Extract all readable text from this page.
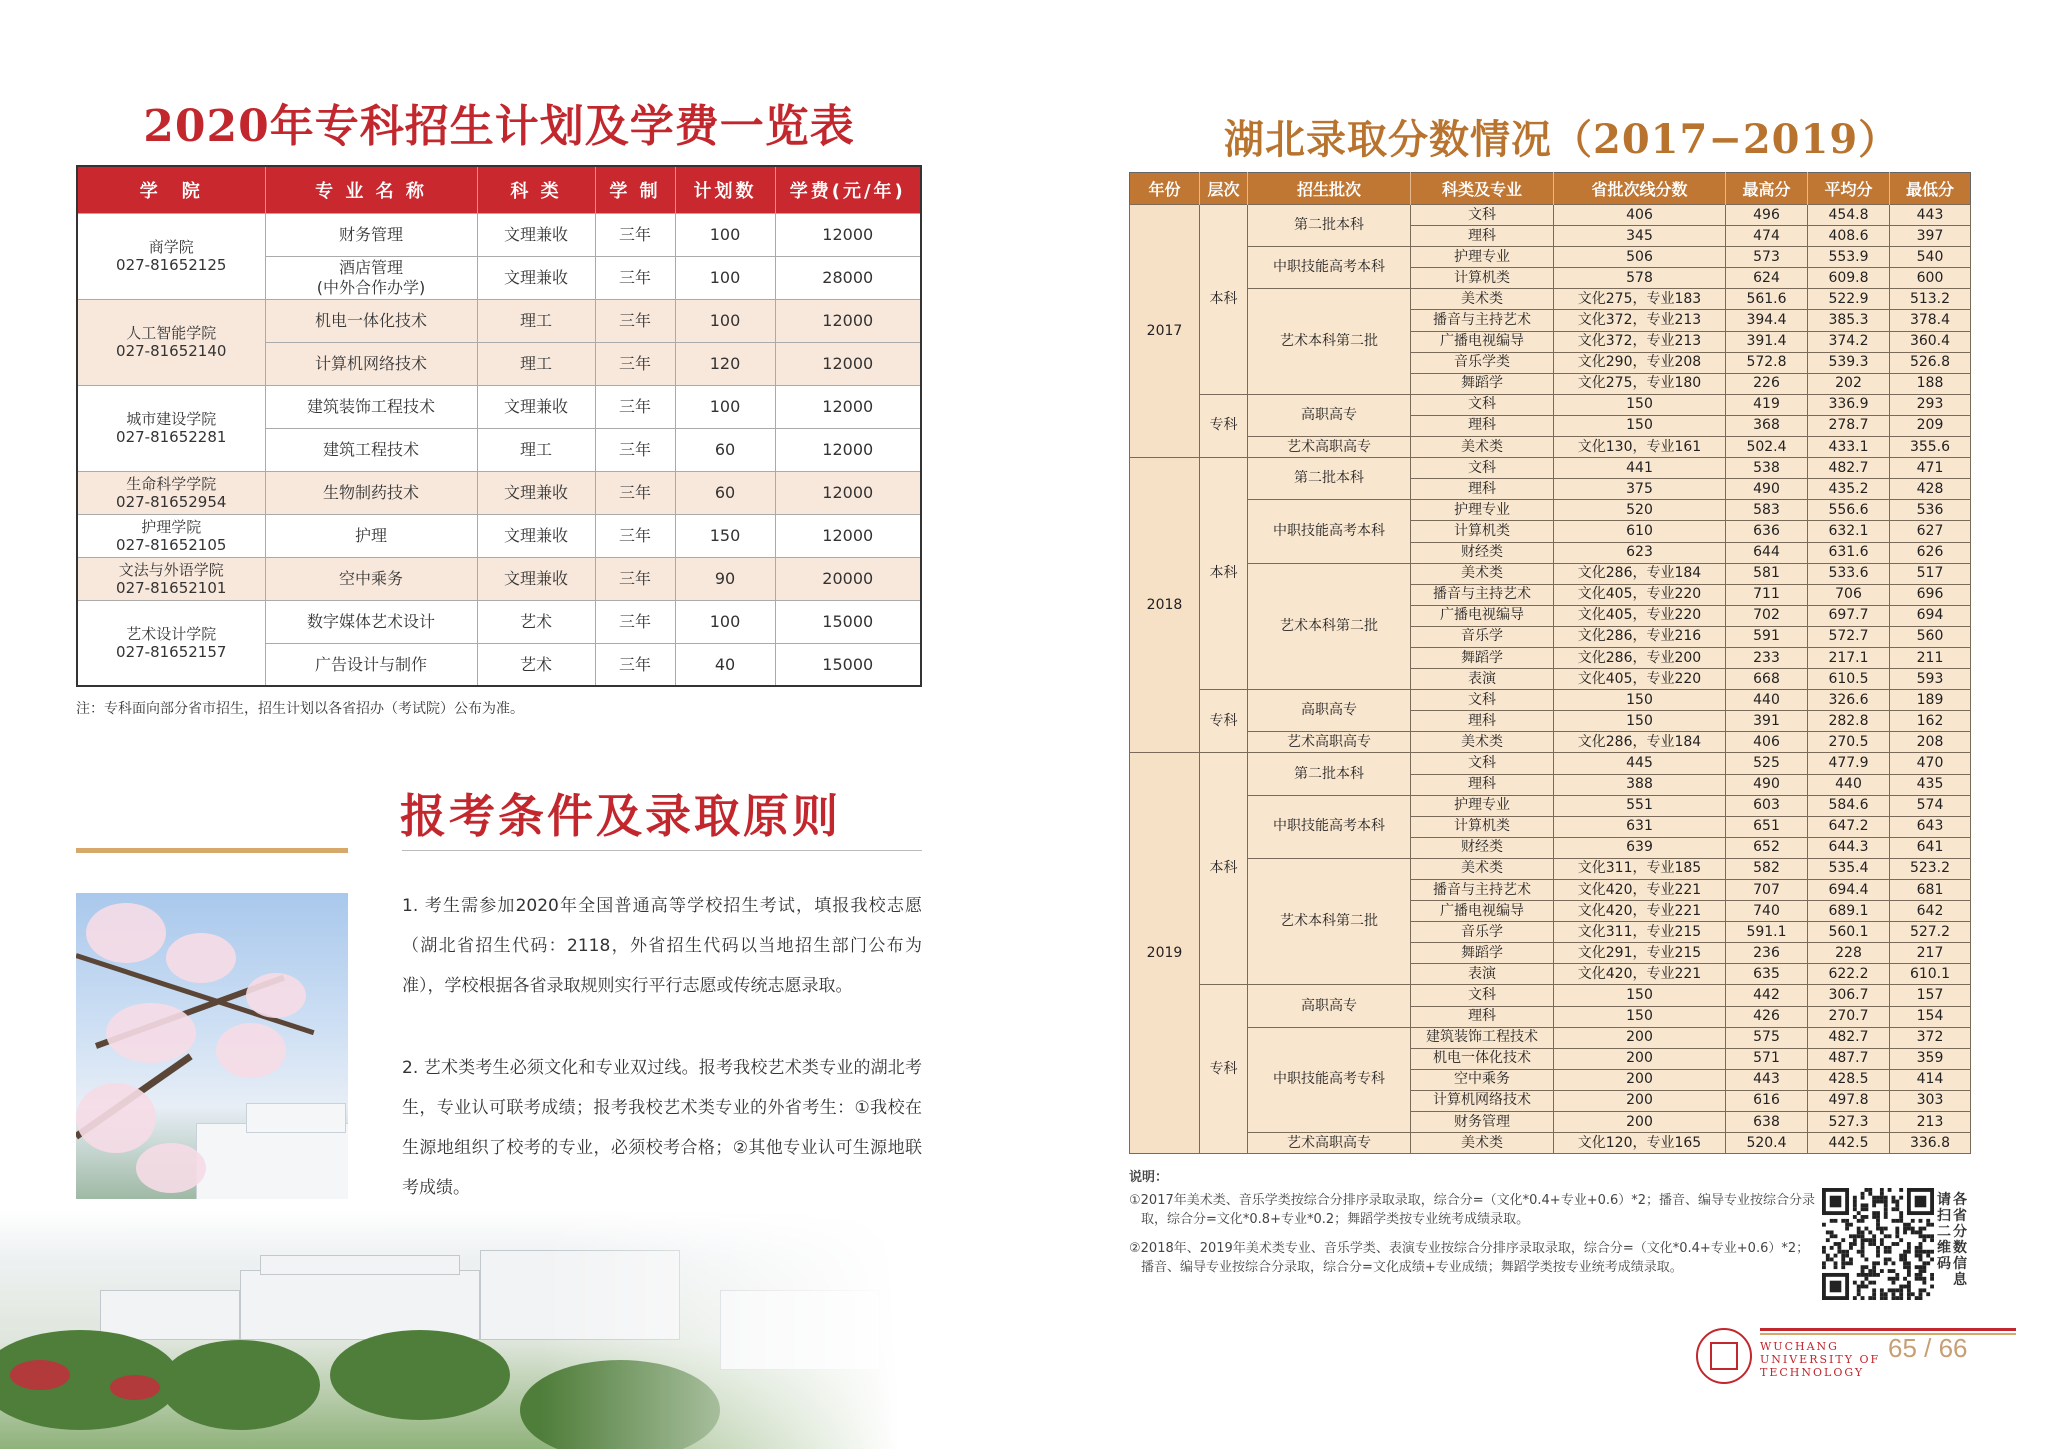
2020年专科招生计划及学费一览表
学　院	专 业 名 称	科 类	学 制	计划数	学费(元/年)

商学院
027-81652125	财务管理	文理兼收	三年	100	12000

	酒店管理
(中外合作办学)	文理兼收	三年	100	28000

人工智能学院
027-81652140	机电一体化技术	理工	三年	100	12000

	计算机网络技术	理工	三年	120	12000

城市建设学院
027-81652281	建筑装饰工程技术	文理兼收	三年	100	12000

	建筑工程技术	理工	三年	60	12000

生命科学学院
027-81652954	生物制药技术	文理兼收	三年	60	12000

护理学院
027-81652105	护理	文理兼收	三年	150	12000

文法与外语学院
027-81652101	空中乘务	文理兼收	三年	90	20000

艺术设计学院
027-81652157	数字媒体艺术设计	艺术	三年	100	15000

	广告设计与制作	艺术	三年	40	15000
注：专科面向部分省市招生，招生计划以各省招办（考试院）公布为准。
报考条件及录取原则
1. 考生需参加2020年全国普通高等学校招生考试，填报我校志愿（湖北省招生代码：2118，外省招生代码以当地招生部门公布为准），学校根据各省录取规则实行平行志愿或传统志愿录取。
2. 艺术类考生必须文化和专业双过线。报考我校艺术类专业的湖北考生，专业认可联考成绩；报考我校艺术类专业的外省考生：①我校在生源地组织了校考的专业，必须校考合格；②其他专业认可生源地联考成绩。
湖北录取分数情况（2017−2019）
年份	层次	招生批次	科类及专业	省批次线分数	最高分	平均分	最低分
2017	本科	第二批本科	文科	406	496	454.8	443
			理科	345	474	408.6	397
		中职技能高考本科	护理专业	506	573	553.9	540
			计算机类	578	624	609.8	600
		艺术本科第二批	美术类	文化275，专业183	561.6	522.9	513.2
			播音与主持艺术	文化372，专业213	394.4	385.3	378.4
			广播电视编导	文化372，专业213	391.4	374.2	360.4
			音乐学类	文化290，专业208	572.8	539.3	526.8
			舞蹈学	文化275，专业180	226	202	188
	专科	高职高专	文科	150	419	336.9	293
			理科	150	368	278.7	209
		艺术高职高专	美术类	文化130，专业161	502.4	433.1	355.6
2018	本科	第二批本科	文科	441	538	482.7	471
			理科	375	490	435.2	428
		中职技能高考本科	护理专业	520	583	556.6	536
			计算机类	610	636	632.1	627
			财经类	623	644	631.6	626
		艺术本科第二批	美术类	文化286，专业184	581	533.6	517
			播音与主持艺术	文化405，专业220	711	706	696
			广播电视编导	文化405，专业220	702	697.7	694
			音乐学	文化286，专业216	591	572.7	560
			舞蹈学	文化286，专业200	233	217.1	211
			表演	文化405，专业220	668	610.5	593
	专科	高职高专	文科	150	440	326.6	189
			理科	150	391	282.8	162
		艺术高职高专	美术类	文化286，专业184	406	270.5	208
2019	本科	第二批本科	文科	445	525	477.9	470
			理科	388	490	440	435
		中职技能高考本科	护理专业	551	603	584.6	574
			计算机类	631	651	647.2	643
			财经类	639	652	644.3	641
		艺术本科第二批	美术类	文化311，专业185	582	535.4	523.2
			播音与主持艺术	文化420，专业221	707	694.4	681
			广播电视编导	文化420，专业221	740	689.1	642
			音乐学	文化311，专业215	591.1	560.1	527.2
			舞蹈学	文化291，专业215	236	228	217
			表演	文化420，专业221	635	622.2	610.1
	专科	高职高专	文科	150	442	306.7	157
			理科	150	426	270.7	154
		中职技能高考专科	建筑装饰工程技术	200	575	482.7	372
			机电一体化技术	200	571	487.7	359
			空中乘务	200	443	428.5	414
			计算机网络技术	200	616	497.8	303
			财务管理	200	638	527.3	213
		艺术高职高专	美术类	文化120，专业165	520.4	442.5	336.8
说明：

①2017年美术类、音乐学类按综合分排序录取录取，综合分=（文化*0.4+专业+0.6）*2；播音、编导专业按综合分录取，综合分=文化*0.8+专业*0.2；舞蹈学类按专业统考成绩录取。

②2018年、2019年美术类专业、音乐学类、表演专业按综合分排序录取录取，综合分=（文化*0.4+专业+0.6）*2；播音、编导专业按综合分录取，综合分=文化成绩+专业成绩；舞蹈学类按专业统考成绩录取。

请扫二维码
各省分数信息
WUCHANG
UNIVERSITY OF
TECHNOLOGY
65 / 66
